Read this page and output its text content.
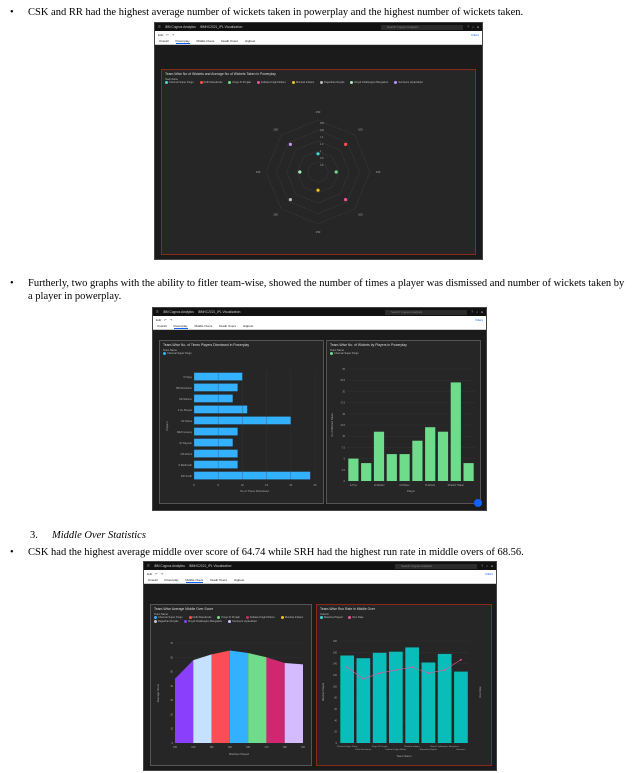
•	CSK and RR had the highest average number of wickets taken in powerplay and the highest number of wickets taken.
☰ IBM Cognos Analytics IBMHC2021_IPL Visualization	Search Cognos Analytics	? ♪ ●
Edit ↶ ↷	Filters
Overall Powerplay Middle Overs Death Overs Highest
Team-Wise No of Wickets and Average No of Wickets Taken in Powerplay
Team Name
Chennai Super Kings	Delhi Daredevils	Kings XI Punjab	Kolkata Knight Riders	Mumbai Indians	Rajasthan Royals	Royal Challengers Bangalore	Sunrisers Hyderabad
150
100
150
100
150
100
150
100
150
100
1.4
1.2
1
0.8
0.6
•	Furtherly, two graphs with the ability to fitler team-wise, showed the number of times a player was dismissed and number of wickets taken by a player in powerplay.
☰ IBM Cognos Analytics IBMHC2021_IPL Visualization	Search Cognos Analytics	? ♪ ●
Edit ↶ ↷	Filters
Overall Powerplay Middle Overs Death Overs Highest
Team-Wise No. of Times Players Dismissed in Powerplay
Team Name
Chennai Super Kings
M Vijay
BB McCullum
SR Watson
F du Plessis
SK Raina
MEK Hussey
AT Rayudu
MS Dhoni
S Badrinath
DR Smith
0	5	10	15	20	25
No of Times Dismissed
Players
Team-Wise No. of Wickets by Players in Powerplay
Team Name
Chennai Super Kings
0
2.5
5
7.5
10
12.5
15
17.5
20
22.5
25
AJ Tye	JA Morkel	DJ Bravo	R Ashwin	Shardul Thakur
Player
No of Wickets Taken
3. Middle Over Statistics
•	CSK had the highest average middle over score of 64.74 while SRH had the highest run rate in middle overs of 68.56.
☰ IBM Cognos Analytics IBMHC2021_IPL Visualization	Search Cognos Analytics	? ♪ ●
Edit ↶ ↷	Filters
Overall Powerplay Middle Overs Death Overs Highest
Team-Wise Average Middle Over Score
Team Name
Chennai Super Kings	Delhi Daredevils	Kings XI Punjab	Kolkata Knight Riders	Mumbai Indians
Rajasthan Royals	Royal Challengers Bangalore	Sunrisers Hyderabad
0
10
20
30
40
50
60
70
150	160	160	180	180	170	180	160
Matches Played
Average Score
Team-Wise Run Rate in Middle Over
Column
Matches Played	Run Rate
0
20
40
60
80
100
120
140
160
180
Chennai Super Kings
Delhi Daredevils
Kings XI Punjab
Kolkata Knight Riders
Mumbai Indians
Rajasthan Royals
Royal Challengers Bangalore
Sunrisers
Team Name
Matches Played	Run Rate
